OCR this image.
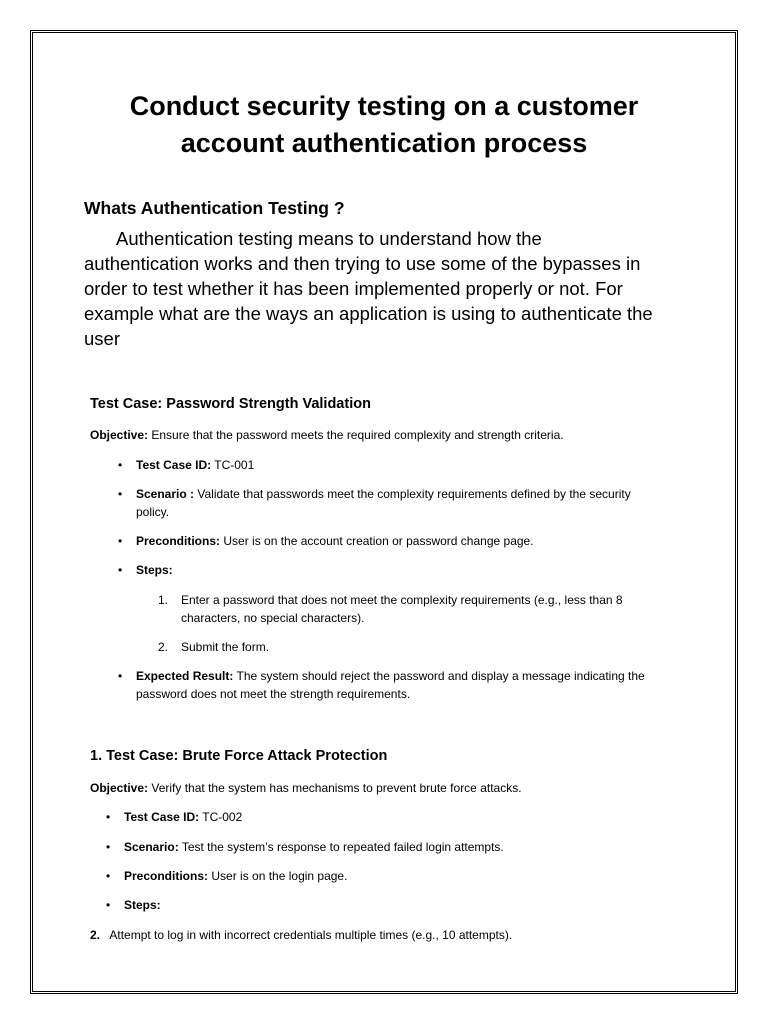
Conduct security testing on a customer
account authentication process
Whats Authentication Testing ?

Authentication testing means to understand how the authentication works and then trying to use some of the bypasses in order to test whether it has been implemented properly or not. For example what are the ways an application is using to authenticate the user

Test Case: Password Strength Validation
Objective: Ensure that the password meets the required complexity and strength criteria.
• Test Case ID: TC-001
• Scenario : Validate that passwords meet the complexity requirements defined by the security policy.
• Preconditions: User is on the account creation or password change page.
• Steps:
1. Enter a password that does not meet the complexity requirements (e.g., less than 8 characters, no special characters).
2. Submit the form.
• Expected Result: The system should reject the password and display a message indicating the password does not meet the strength requirements.
1. Test Case: Brute Force Attack Protection
Objective: Verify that the system has mechanisms to prevent brute force attacks.
• Test Case ID: TC-002
• Scenario: Test the system’s response to repeated failed login attempts.
• Preconditions: User is on the login page.
• Steps:
2. Attempt to log in with incorrect credentials multiple times (e.g., 10 attempts).
